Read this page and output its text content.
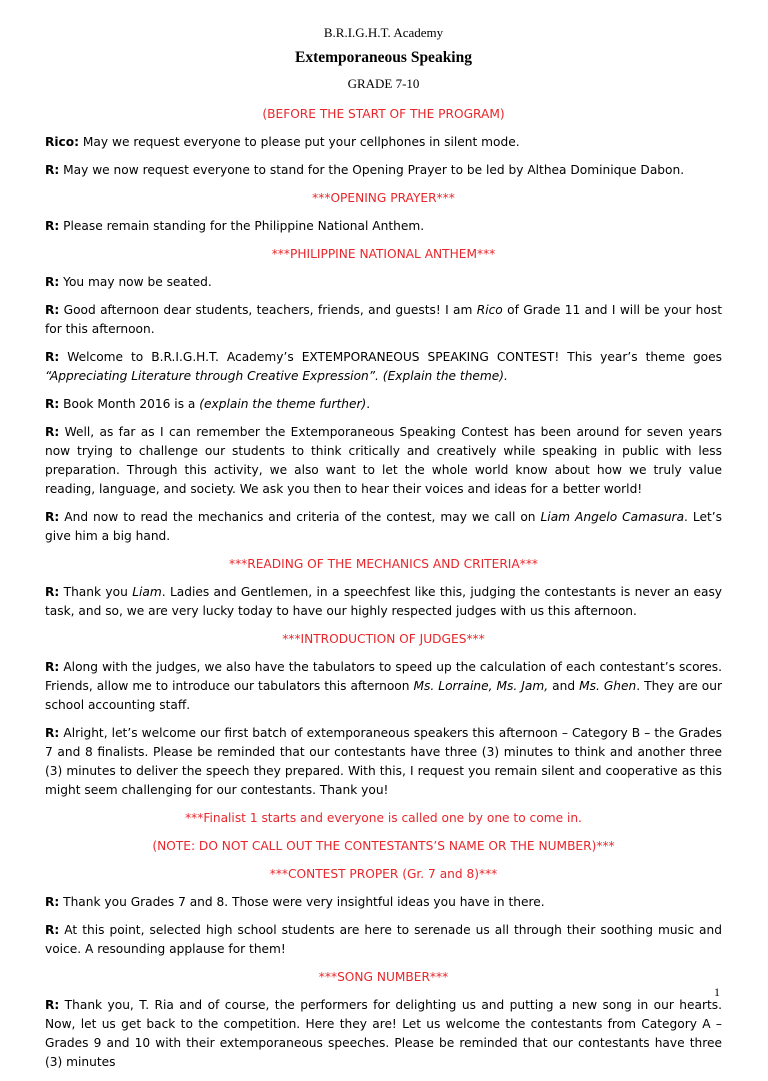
B.R.I.G.H.T. Academy

Extemporaneous Speaking

GRADE 7-10

(BEFORE THE START OF THE PROGRAM)

Rico: May we request everyone to please put your cellphones in silent mode.

R: May we now request everyone to stand for the Opening Prayer to be led by Althea Dominique Dabon.

***OPENING PRAYER***

R: Please remain standing for the Philippine National Anthem.

***PHILIPPINE NATIONAL ANTHEM***

R: You may now be seated.

R: Good afternoon dear students, teachers, friends, and guests! I am Rico of Grade 11 and I will be your host for this afternoon.

R: Welcome to B.R.I.G.H.T. Academy’s EXTEMPORANEOUS SPEAKING CONTEST! This year’s theme goes “Appreciating Literature through Creative Expression”. (Explain the theme).

R: Book Month 2016 is a (explain the theme further).

R: Well, as far as I can remember the Extemporaneous Speaking Contest has been around for seven years now trying to challenge our students to think critically and creatively while speaking in public with less preparation. Through this activity, we also want to let the whole world know about how we truly value reading, language, and society. We ask you then to hear their voices and ideas for a better world!

R: And now to read the mechanics and criteria of the contest, may we call on Liam Angelo Camasura. Let’s give him a big hand.

***READING OF THE MECHANICS AND CRITERIA***

R: Thank you Liam. Ladies and Gentlemen, in a speechfest like this, judging the contestants is never an easy task, and so, we are very lucky today to have our highly respected judges with us this afternoon.

***INTRODUCTION OF JUDGES***

R: Along with the judges, we also have the tabulators to speed up the calculation of each contestant’s scores. Friends, allow me to introduce our tabulators this afternoon Ms. Lorraine, Ms. Jam, and Ms. Ghen. They are our school accounting staff.

R: Alright, let’s welcome our first batch of extemporaneous speakers this afternoon – Category B – the Grades 7 and 8 finalists. Please be reminded that our contestants have three (3) minutes to think and another three (3) minutes to deliver the speech they prepared. With this, I request you remain silent and cooperative as this might seem challenging for our contestants. Thank you!

***Finalist 1 starts and everyone is called one by one to come in.

(NOTE: DO NOT CALL OUT THE CONTESTANTS’S NAME OR THE NUMBER)***

***CONTEST PROPER (Gr. 7 and 8)***

R: Thank you Grades 7 and 8. Those were very insightful ideas you have in there.

R: At this point, selected high school students are here to serenade us all through their soothing music and voice. A resounding applause for them!

***SONG NUMBER***

R: Thank you, T. Ria and of course, the performers for delighting us and putting a new song in our hearts. Now, let us get back to the competition. Here they are! Let us welcome the contestants from Category A – Grades 9 and 10 with their extemporaneous speeches. Please be reminded that our contestants have three (3) minutes

1
